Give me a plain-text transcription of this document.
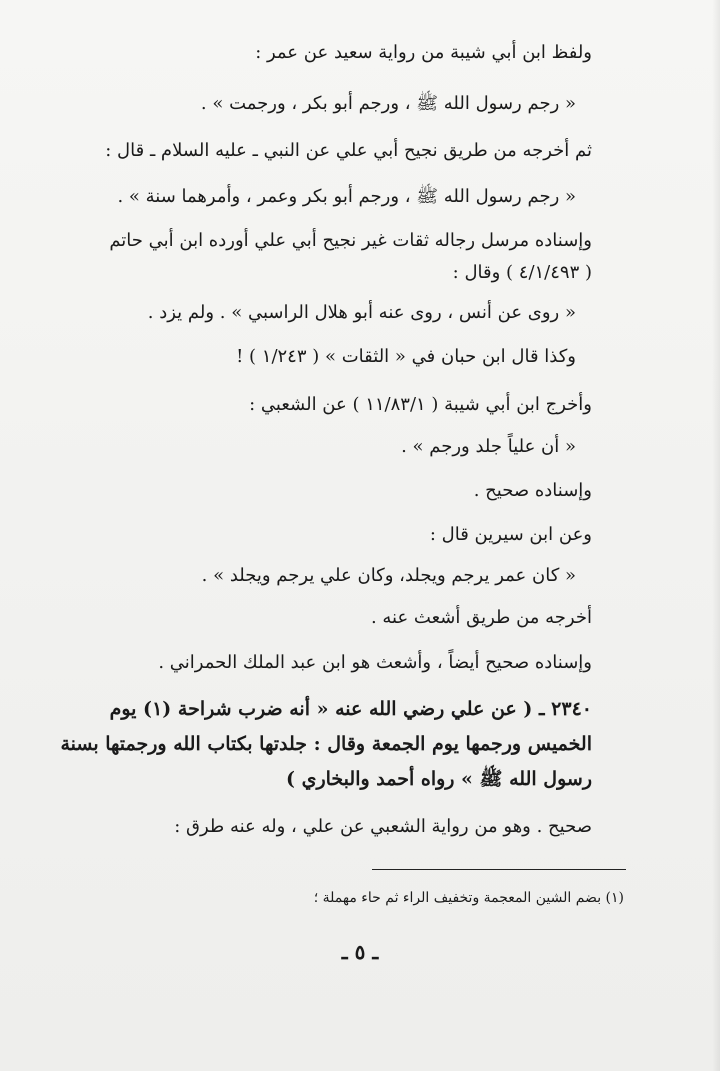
ولفظ ابن أبي شيبة من رواية سعيد عن عمر :
« رجم رسول الله ﷺ ، ورجم أبو بكر ، ورجمت » .
ثم أخرجه من طريق نجيح أبي علي عن النبي ـ عليه السلام ـ قال :
« رجم رسول الله ﷺ ، ورجم أبو بكر وعمر ، وأمرهما سنة » .
وإسناده مرسل رجاله ثقات غير نجيح أبي علي أورده ابن أبي حاتم
( ٤/١/٤٩٣ ) وقال :
« روى عن أنس ، روى عنه أبو هلال الراسبي » . ولم يزد .
وكذا قال ابن حبان في « الثقات » ( ١/٢٤٣ ) !
وأخرج ابن أبي شيبة ( ١١/٨٣/١ ) عن الشعبي :
« أن علياً جلد ورجم » .
وإسناده صحيح .
وعن ابن سيرين قال :
« كان عمر يرجم ويجلد، وكان علي يرجم ويجلد » .
أخرجه من طريق أشعث عنه .
وإسناده صحيح أيضاً ، وأشعث هو ابن عبد الملك الحمراني .
٢٣٤٠ ـ ( عن علي رضي الله عنه « أنه ضرب شراحة (١) يوم
الخميس ورجمها يوم الجمعة وقال : جلدتها بكتاب الله ورجمتها بسنة
رسول الله ﷺ » رواه أحمد والبخاري )
صحيح . وهو من رواية الشعبي عن علي ، وله عنه طرق :
(١) بضم الشين المعجمة وتخفيف الراء ثم حاء مهملة ؛
ـ ٥ ـ
